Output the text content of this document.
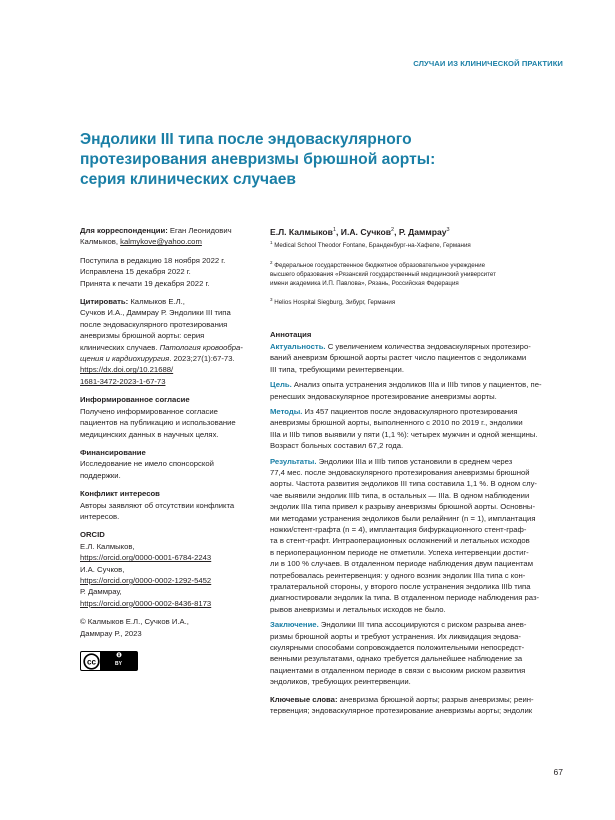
СЛУЧАИ ИЗ КЛИНИЧЕСКОЙ ПРАКТИКИ
Эндолики III типа после эндоваскулярного
протезирования аневризмы брюшной аорты:
серия клинических случаев

Для корреспонденции: Еган Леонидович

Калмыков, kalmykove@yahoo.com

Поступила в редакцию 18 ноября 2022 г.

Исправлена 15 декабря 2022 г.

Принята к печати 19 декабря 2022 г.

Цитировать: Калмыков Е.Л.,

Сучков И.А., Даммрау Р. Эндолики III типа

после эндоваскулярного протезирования

аневризмы брюшной аорты: серия

клинических случаев. Патология кровообра-

щения и кардиохирургия. 2023;27(1):67-73.

https://dx.doi.org/10.21688/

1681-3472-2023-1-67-73

Информированное согласие

Получено информированное согласие

пациентов на публикацию и использование

медицинских данных в научных целях.

Финансирование

Исследование не имело спонсорской

поддержки.

Конфликт интересов

Авторы заявляют об отсутствии конфликта

интересов.

ORCID

Е.Л. Калмыков,

https://orcid.org/0000-0001-6784-2243

И.А. Сучков,

https://orcid.org/0000-0002-1292-5452

Р. Даммрау,

https://orcid.org/0000-0002-8436-8173

© Калмыков Е.Л., Сучков И.А.,

Даммрау Р., 2023

cc	BY

Е.Л. Калмыков$^1$, И.А. Сучков$^2$, Р. Даммрау$^3$

$^1$ Medical School Theodor Fontane, Бранденбург-на-Хафеле, Германия

$^2$ Федеральное государственное бюджетное образовательное учреждение
высшего образования «Рязанский государственный медицинский университет
имени академика И.П. Павлова», Рязань, Российская Федерация

$^3$ Helios Hospital Siegburg, Зибург, Германия

Аннотация

Актуальность. С увеличением количества эндоваскулярных протезиро-
ваний аневризм брюшной аорты растет число пациентов с эндоликами
III типа, требующими реинтервенции.

Цель. Анализ опыта устранения эндоликов IIIa и IIIb типов у пациентов, пе-
ренесших эндоваскулярное протезирование аневризмы аорты.

Методы. Из 457 пациентов после эндоваскулярного протезирования
аневризмы брюшной аорты, выполненного с 2010 по 2019 г., эндолики
IIIa и IIIb типов выявили у пяти (1,1 %): четырех мужчин и одной женщины.
Возраст больных составил 67,2 года.

Результаты. Эндолики IIIa и IIIb типов установили в среднем через
77,4 мес. после эндоваскулярного протезирования аневризмы брюшной
аорты. Частота развития эндоликов III типа составила 1,1 %. В одном слу-
чае выявили эндолик IIIb типа, в остальных — IIIa. В одном наблюдении
эндолик IIIa типа привел к разрыву аневризмы брюшной аорты. Основны-
ми методами устранения эндоликов были релайнинг (n = 1), имплантация
ножки/стент-графта (n = 4), имплантация бифуркационного стент-граф-
та в стент-графт. Интраоперационных осложнений и летальных исходов
в периоперационном периоде не отметили. Успеха интервенции достиг-
ли в 100 % случаев. В отдаленном периоде наблюдения двум пациентам
потребовалась реинтервенция: у одного возник эндолик IIIa типа с кон-
тралатеральной стороны, у второго после устранения эндолика IIIb типа
диагностировали эндолик Ia типа. В отдаленном периоде наблюдения раз-
рывов аневризмы и летальных исходов не было.

Заключение. Эндолики III типа ассоциируются с риском разрыва анев-
ризмы брюшной аорты и требуют устранения. Их ликвидация эндова-
скулярными способами сопровождается положительными непосредст-
венными результатами, однако требуется дальнейшее наблюдение за
пациентами в отдаленном периоде в связи с высоким риском развития
эндоликов, требующих реинтервенции.

Ключевые слова: аневризма брюшной аорты; разрыв аневризмы; реин-
тервенция; эндоваскулярное протезирование аневризмы аорты; эндолик

67
